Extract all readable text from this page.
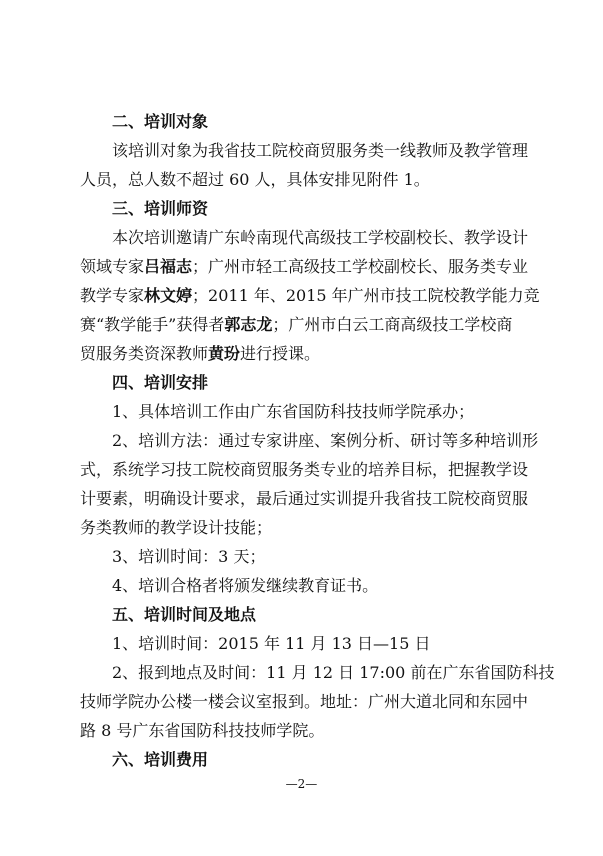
二、培训对象
该培训对象为我省技工院校商贸服务类一线教师及教学管理
人员，总人数不超过 60 人，具体安排见附件 1。
三、培训师资
本次培训邀请广东岭南现代高级技工学校副校长、教学设计
领域专家吕福志；广州市轻工高级技工学校副校长、服务类专业
教学专家林文婷；2011 年、2015 年广州市技工院校教学能力竞
赛“教学能手”获得者郭志龙；广州市白云工商高级技工学校商
贸服务类资深教师黄玢进行授课。
四、培训安排
1、具体培训工作由广东省国防科技技师学院承办；
2、培训方法：通过专家讲座、案例分析、研讨等多种培训形
式，系统学习技工院校商贸服务类专业的培养目标，把握教学设
计要素，明确设计要求，最后通过实训提升我省技工院校商贸服
务类教师的教学设计技能；
3、培训时间：3 天；
4、培训合格者将颁发继续教育证书。
五、培训时间及地点
1、培训时间：2015 年 11 月 13 日—15 日
2、报到地点及时间：11 月 12 日 17:00 前在广东省国防科技
技师学院办公楼一楼会议室报到。地址：广州大道北同和东园中
路 8 号广东省国防科技技师学院。
六、培训费用
—2—
